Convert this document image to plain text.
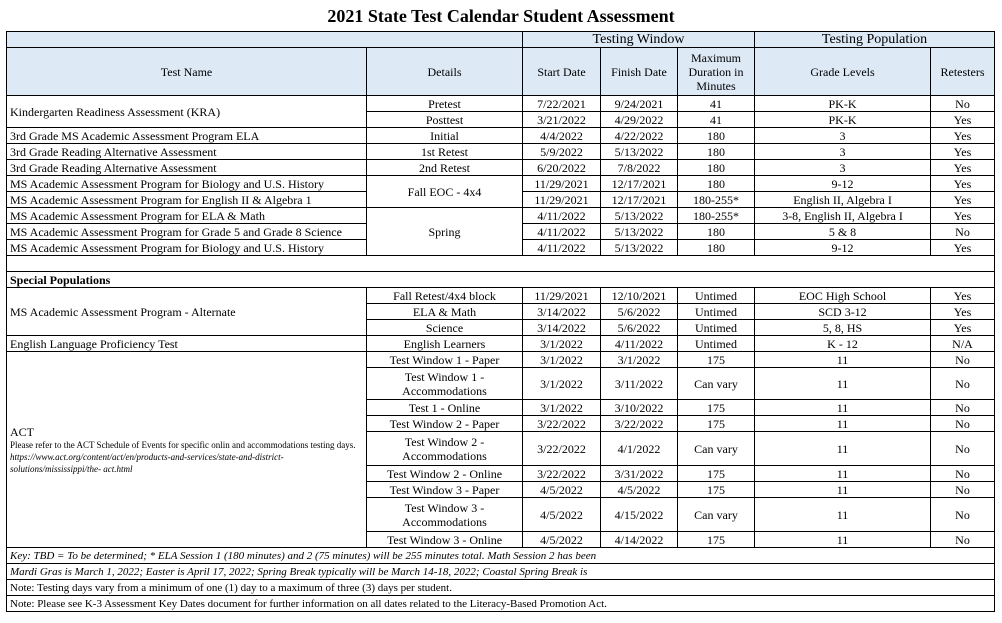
2021 State Test Calendar Student Assessment
		Testing Window			Testing Population	
Test Name	Details	Start Date	Finish Date	Maximum Duration in Minutes	Grade Levels	Retesters
Kindergarten Readiness Assessment (KRA)	Pretest	7/22/2021	9/24/2021	41	PK-K	No
	Posttest	3/21/2022	4/29/2022	41	PK-K	Yes
3rd Grade MS Academic Assessment Program ELA	Initial	4/4/2022	4/22/2022	180	3	Yes
3rd Grade Reading Alternative Assessment	1st Retest	5/9/2022	5/13/2022	180	3	Yes
3rd Grade Reading Alternative Assessment	2nd Retest	6/20/2022	7/8/2022	180	3	Yes
MS Academic Assessment Program for Biology and U.S. History	Fall EOC - 4x4	11/29/2021	12/17/2021	180	9-12	Yes
MS Academic Assessment Program for English II & Algebra 1		11/29/2021	12/17/2021	180-255*	English II, Algebra I	Yes
MS Academic Assessment Program for ELA & Math	Spring	4/11/2022	5/13/2022	180-255*	3-8, English II, Algebra I	Yes
MS Academic Assessment Program for Grade 5 and Grade 8 Science		4/11/2022	5/13/2022	180	5 & 8	No
MS Academic Assessment Program for Biology and U.S. History		4/11/2022	5/13/2022	180	9-12	Yes

Special Populations						
MS Academic Assessment Program - Alternate	Fall Retest/4x4 block	11/29/2021	12/10/2021	Untimed	EOC High School	Yes
	ELA & Math	3/14/2022	5/6/2022	Untimed	SCD 3-12	Yes
	Science	3/14/2022	5/6/2022	Untimed	5, 8, HS	Yes
English Language Proficiency Test	English Learners	3/1/2022	4/11/2022	Untimed	K - 12	N/A

ACT
Please refer to the ACT Schedule of Events for specific onlin and accommodations testing days. https://www.act.org/content/act/en/products-and-services/state-and-district-solutions/mississippi/the- act.html	Test Window 1 - Paper	3/1/2022	3/1/2022	175	11	No
	Test Window 1 - Accommodations	3/1/2022	3/11/2022	Can vary	11	No
	Test 1 - Online	3/1/2022	3/10/2022	175	11	No
	Test Window 2 - Paper	3/22/2022	3/22/2022	175	11	No
	Test Window 2 - Accommodations	3/22/2022	4/1/2022	Can vary	11	No
	Test Window 2 - Online	3/22/2022	3/31/2022	175	11	No
	Test Window 3 - Paper	4/5/2022	4/5/2022	175	11	No
	Test Window 3 - Accommodations	4/5/2022	4/15/2022	Can vary	11	No
	Test Window 3 - Online	4/5/2022	4/14/2022	175	11	No
Key: TBD = To be determined; * ELA Session 1 (180 minutes) and 2 (75 minutes) will be 255 minutes total. Math Session 2 has been						
Mardi Gras is March 1, 2022; Easter is April 17, 2022; Spring Break typically will be March 14-18, 2022; Coastal Spring Break is						
Note: Testing days vary from a minimum of one (1) day to a maximum of three (3) days per student.						
Note: Please see K-3 Assessment Key Dates document for further information on all dates related to the Literacy-Based Promotion Act.						
